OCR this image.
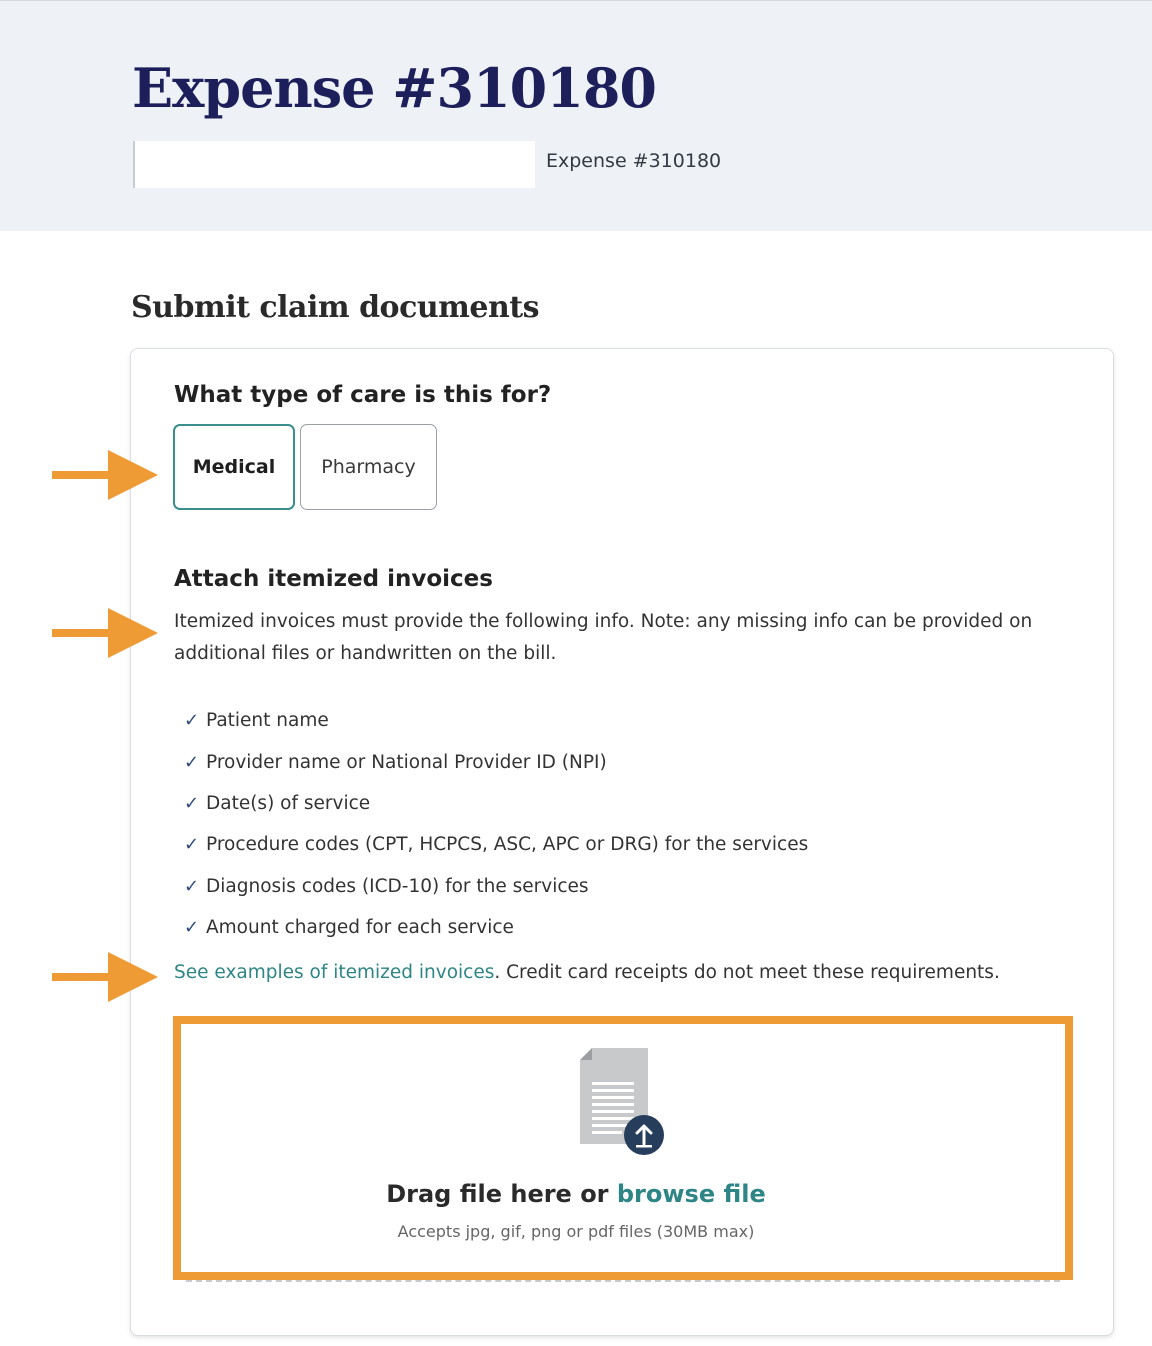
Expense #310180
Expense #310180
Submit claim documents
What type of care is this for?
Medical	Pharmacy
Attach itemized invoices

Itemized invoices must provide the following info. Note: any missing info can be provided on additional files or handwritten on the bill.

✓ Patient name
✓ Provider name or National Provider ID (NPI)
✓ Date(s) of service
✓ Procedure codes (CPT, HCPCS, ASC, APC or DRG) for the services
✓ Diagnosis codes (ICD-10) for the services
✓ Amount charged for each service

See examples of itemized invoices. Credit card receipts do not meet these requirements.

Drag file here or browse file

Accepts jpg, gif, png or pdf files (30MB max)
